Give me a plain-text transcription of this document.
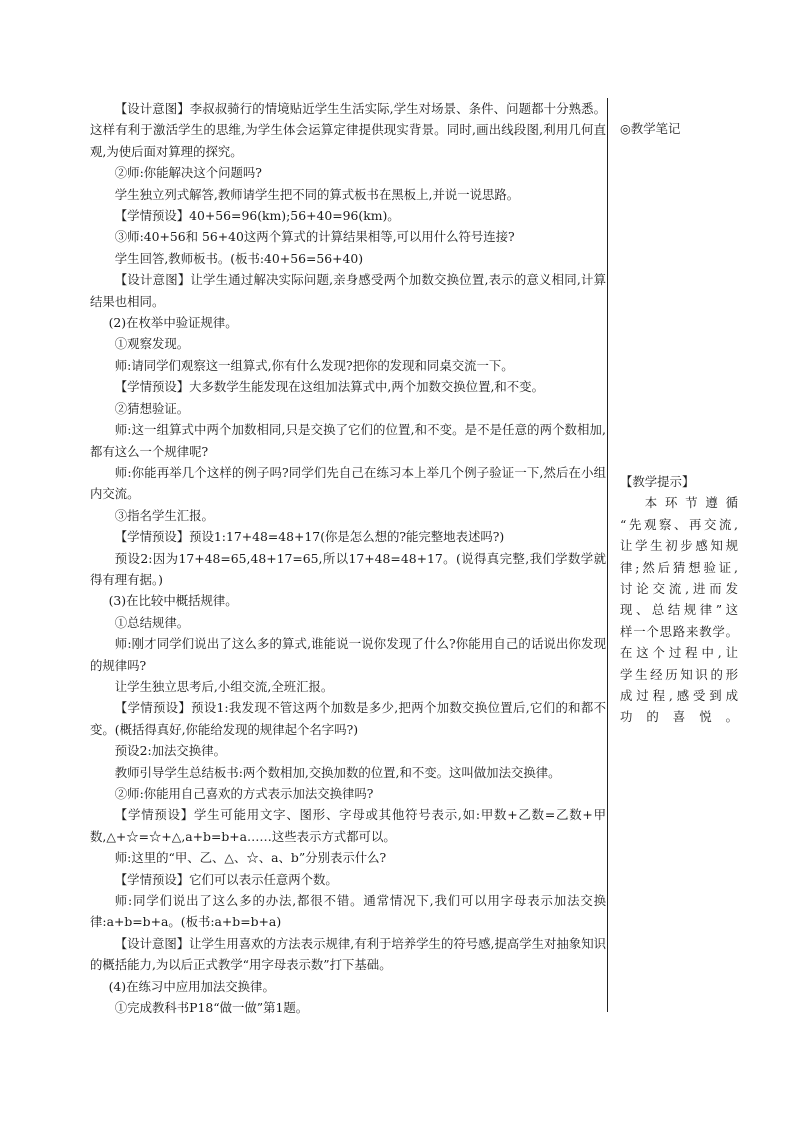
【设计意图】李叔叔骑行的情境贴近学生生活实际,学生对场景、条件、问题都十分熟悉。这样有利于激活学生的思维,为学生体会运算定律提供现实背景。同时,画出线段图,利用几何直观,为使后面对算理的探究。

②师:你能解决这个问题吗?

学生独立列式解答,教师请学生把不同的算式板书在黑板上,并说一说思路。

【学情预设】40+56=96(km);56+40=96(km)。

③师:40+56和 56+40这两个算式的计算结果相等,可以用什么符号连接?

学生回答,教师板书。(板书:40+56=56+40)

【设计意图】让学生通过解决实际问题,亲身感受两个加数交换位置,表示的意义相同,计算结果也相同。

(2)在枚举中验证规律。

①观察发现。

师:请同学们观察这一组算式,你有什么发现?把你的发现和同桌交流一下。

【学情预设】大多数学生能发现在这组加法算式中,两个加数交换位置,和不变。

②猜想验证。

师:这一组算式中两个加数相同,只是交换了它们的位置,和不变。是不是任意的两个数相加,都有这么一个规律呢?

师:你能再举几个这样的例子吗?同学们先自己在练习本上举几个例子验证一下,然后在小组内交流。

③指名学生汇报。

【学情预设】预设1:17+48=48+17(你是怎么想的?能完整地表述吗?)

预设2:因为17+48=65,48+17=65,所以17+48=48+17。(说得真完整,我们学数学就得有理有据。)

(3)在比较中概括规律。

①总结规律。

师:刚才同学们说出了这么多的算式,谁能说一说你发现了什么?你能用自己的话说出你发现的规律吗?

让学生独立思考后,小组交流,全班汇报。

【学情预设】预设1:我发现不管这两个加数是多少,把两个加数交换位置后,它们的和都不变。(概括得真好,你能给发现的规律起个名字吗?)

预设2:加法交换律。

教师引导学生总结板书:两个数相加,交换加数的位置,和不变。这叫做加法交换律。

②师:你能用自己喜欢的方式表示加法交换律吗?

【学情预设】学生可能用文字、图形、字母或其他符号表示,如:甲数+乙数=乙数+甲数,△+☆=☆+△,a+b=b+a……这些表示方式都可以。

师:这里的“甲、乙、△、☆、a、b”分别表示什么?

【学情预设】它们可以表示任意两个数。

师:同学们说出了这么多的办法,都很不错。通常情况下,我们可以用字母表示加法交换律:a+b=b+a。(板书:a+b=b+a)

【设计意图】让学生用喜欢的方法表示规律,有利于培养学生的符号感,提高学生对抽象知识的概括能力,为以后正式教学“用字母表示数”打下基础。

(4)在练习中应用加法交换律。

①完成教科书P18“做一做”第1题。

◎教学笔记

【教学提示】

本环节遵循

“先观察、再交流,

让学生初步感知规

律;然后猜想验证,

讨论交流,进而发

现、总结规律”这

样一个思路来教学。

在这个过程中,让

学生经历知识的形

成过程,感受到成

功的喜悦。
